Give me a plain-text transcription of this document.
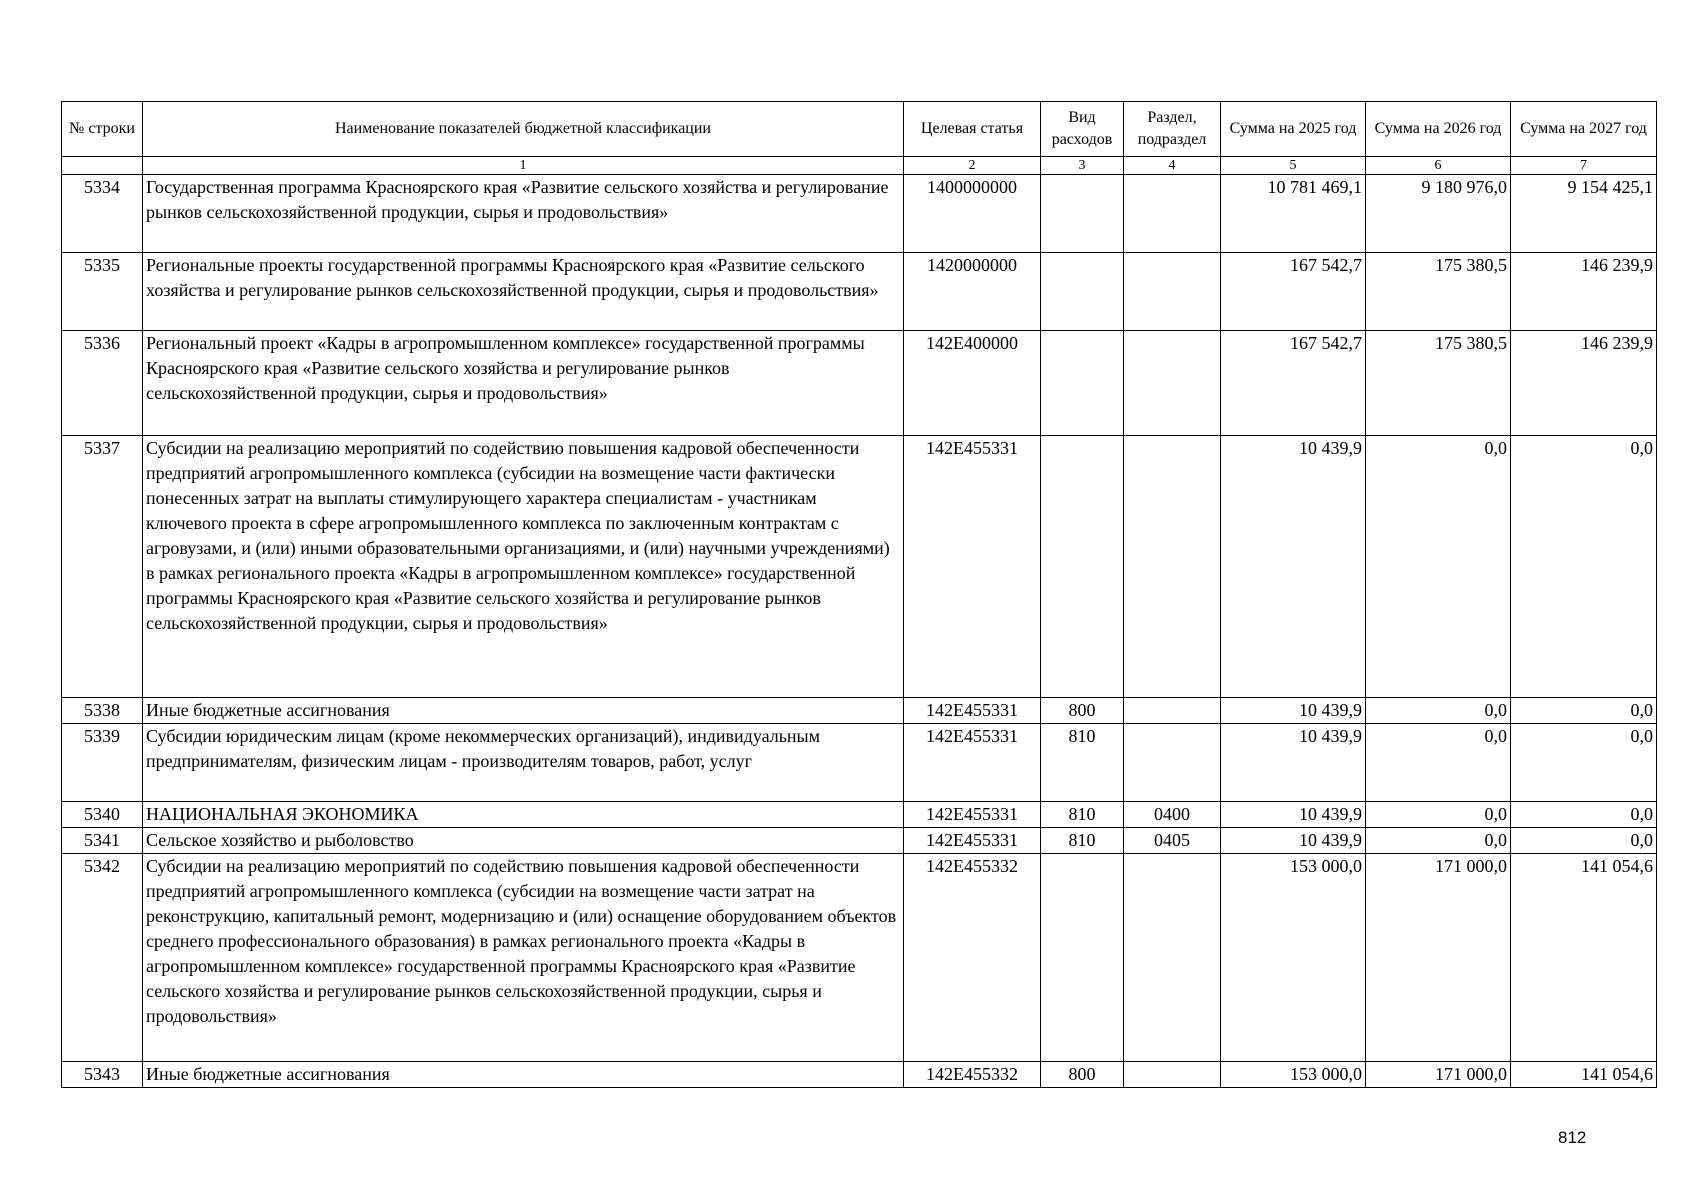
№ строки	Наименование показателей бюджетной классификации	Целевая статья	Вид расходов	Раздел, подраздел	Сумма на 2025 год	Сумма на 2026 год	Сумма на 2027 год
	1	2	3	4	5	6	7
5334	Государственная программа Красноярского края «Развитие сельского хозяйства и регулирование рынков сельскохозяйственной продукции, сырья и продовольствия»	1400000000			10 781 469,1	9 180 976,0	9 154 425,1
5335	Региональные проекты государственной программы Красноярского края «Развитие сельского хозяйства и регулирование рынков сельскохозяйственной продукции, сырья и продовольствия»	1420000000			167 542,7	175 380,5	146 239,9
5336	Региональный проект «Кадры в агропромышленном комплексе» государственной программы Красноярского края «Развитие сельского хозяйства и регулирование рынков сельскохозяйственной продукции, сырья и продовольствия»	142Е400000			167 542,7	175 380,5	146 239,9
5337	Субсидии на реализацию мероприятий по содействию повышения кадровой обеспеченности предприятий агропромышленного комплекса (субсидии на возмещение части фактически понесенных затрат на выплаты стимулирующего характера специалистам - участникам ключевого проекта в сфере агропромышленного комплекса по заключенным контрактам с агровузами, и (или) иными образовательными организациями, и (или) научными учреждениями) в рамках регионального проекта «Кадры в агропромышленном комплексе» государственной программы Красноярского края «Развитие сельского хозяйства и регулирование рынков сельскохозяйственной продукции, сырья и продовольствия»	142Е455331			10 439,9	0,0	0,0
5338	Иные бюджетные ассигнования	142Е455331	800		10 439,9	0,0	0,0
5339	Субсидии юридическим лицам (кроме некоммерческих организаций), индивидуальным предпринимателям, физическим лицам - производителям товаров, работ, услуг	142Е455331	810		10 439,9	0,0	0,0
5340	НАЦИОНАЛЬНАЯ ЭКОНОМИКА	142Е455331	810	0400	10 439,9	0,0	0,0
5341	Сельское хозяйство и рыболовство	142Е455331	810	0405	10 439,9	0,0	0,0
5342	Субсидии на реализацию мероприятий по содействию повышения кадровой обеспеченности предприятий агропромышленного комплекса (субсидии на возмещение части затрат на реконструкцию, капитальный ремонт, модернизацию и (или) оснащение оборудованием объектов среднего профессионального образования) в рамках регионального проекта «Кадры в агропромышленном комплексе» государственной программы Красноярского края «Развитие сельского хозяйства и регулирование рынков сельскохозяйственной продукции, сырья и продовольствия»	142Е455332			153 000,0	171 000,0	141 054,6
5343	Иные бюджетные ассигнования	142Е455332	800		153 000,0	171 000,0	141 054,6
812
